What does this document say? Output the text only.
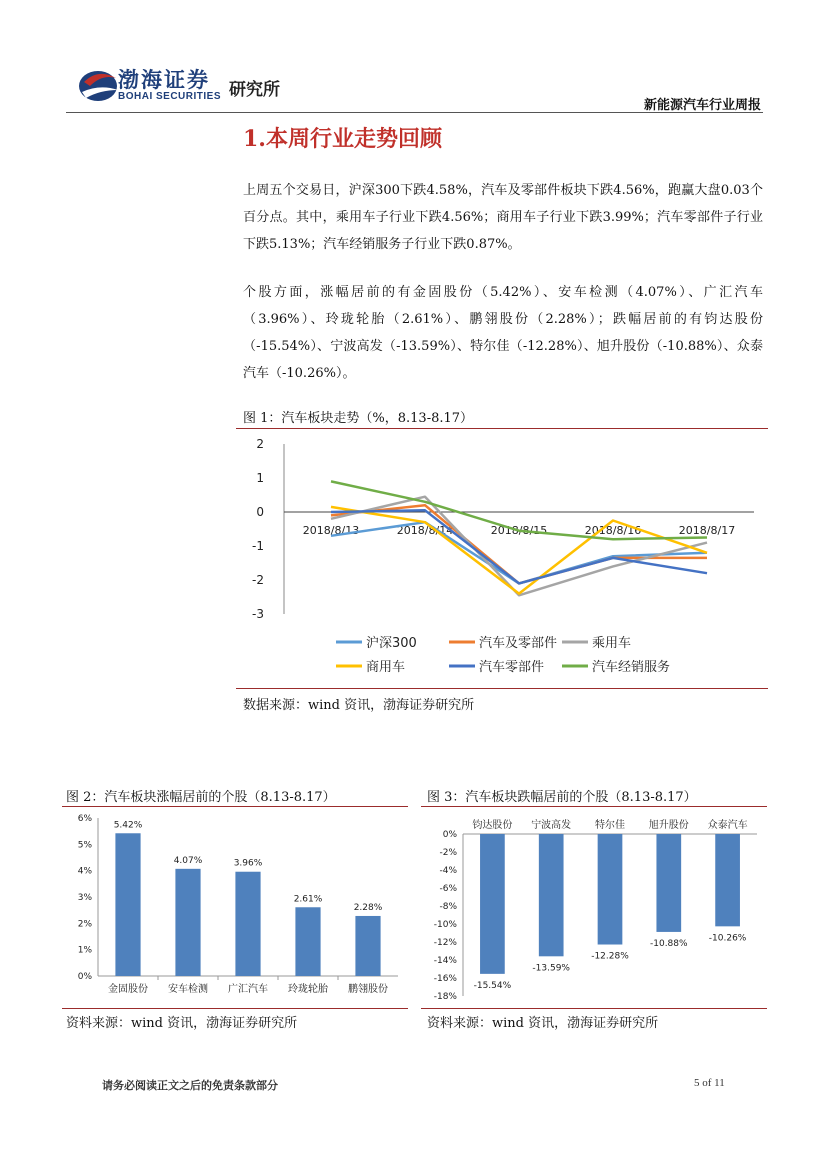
渤海证券
BOHAI SECURITIES 研究所
新能源汽车行业周报
1.本周行业走势回顾
上周五个交易日，沪深300下跌4.58%，汽车及零部件板块下跌4.56%，跑赢大盘0.03个百分点。其中，乘用车子行业下跌4.56%；商用车子行业下跌3.99%；汽车零部件子行业下跌5.13%；汽车经销服务子行业下跌0.87%。
个股方面，涨幅居前的有金固股份（5.42%）、安车检测（4.07%）、广汇汽车（3.96%）、玲珑轮胎（2.61%）、鹏翎股份（2.28%）；跌幅居前的有钧达股份（-15.54%）、宁波高发（-13.59%）、特尔佳（-12.28%）、旭升股份（-10.88%）、众泰汽车（-10.26%）。
图 1：汽车板块走势（%，8.13-8.17）
2
1
0
-1
-2
-3
2018/8/13	2018/8/14	2018/8/15	2018/8/16	2018/8/17
沪深300	汽车及零部件	乘用车
商用车	汽车零部件	汽车经销服务
数据来源：wind 资讯，渤海证券研究所
图 2：汽车板块涨幅居前的个股（8.13-8.17）
6%
5%
4%
3%
2%
1%
0%
5.42%
金固股份
4.07%
安车检测
3.96%
广汇汽车
2.61%
玲珑轮胎
2.28%
鹏翎股份
资料来源：wind 资讯，渤海证券研究所
图 3：汽车板块跌幅居前的个股（8.13-8.17）
0%
-2%
-4%
-6%
-8%
-10%
-12%
-14%
-16%
-18%
-15.54%
钧达股份
-13.59%
宁波高发
-12.28%
特尔佳
-10.88%
旭升股份
-10.26%
众泰汽车
资料来源：wind 资讯，渤海证券研究所
请务必阅读正文之后的免责条款部分	5 of 11
